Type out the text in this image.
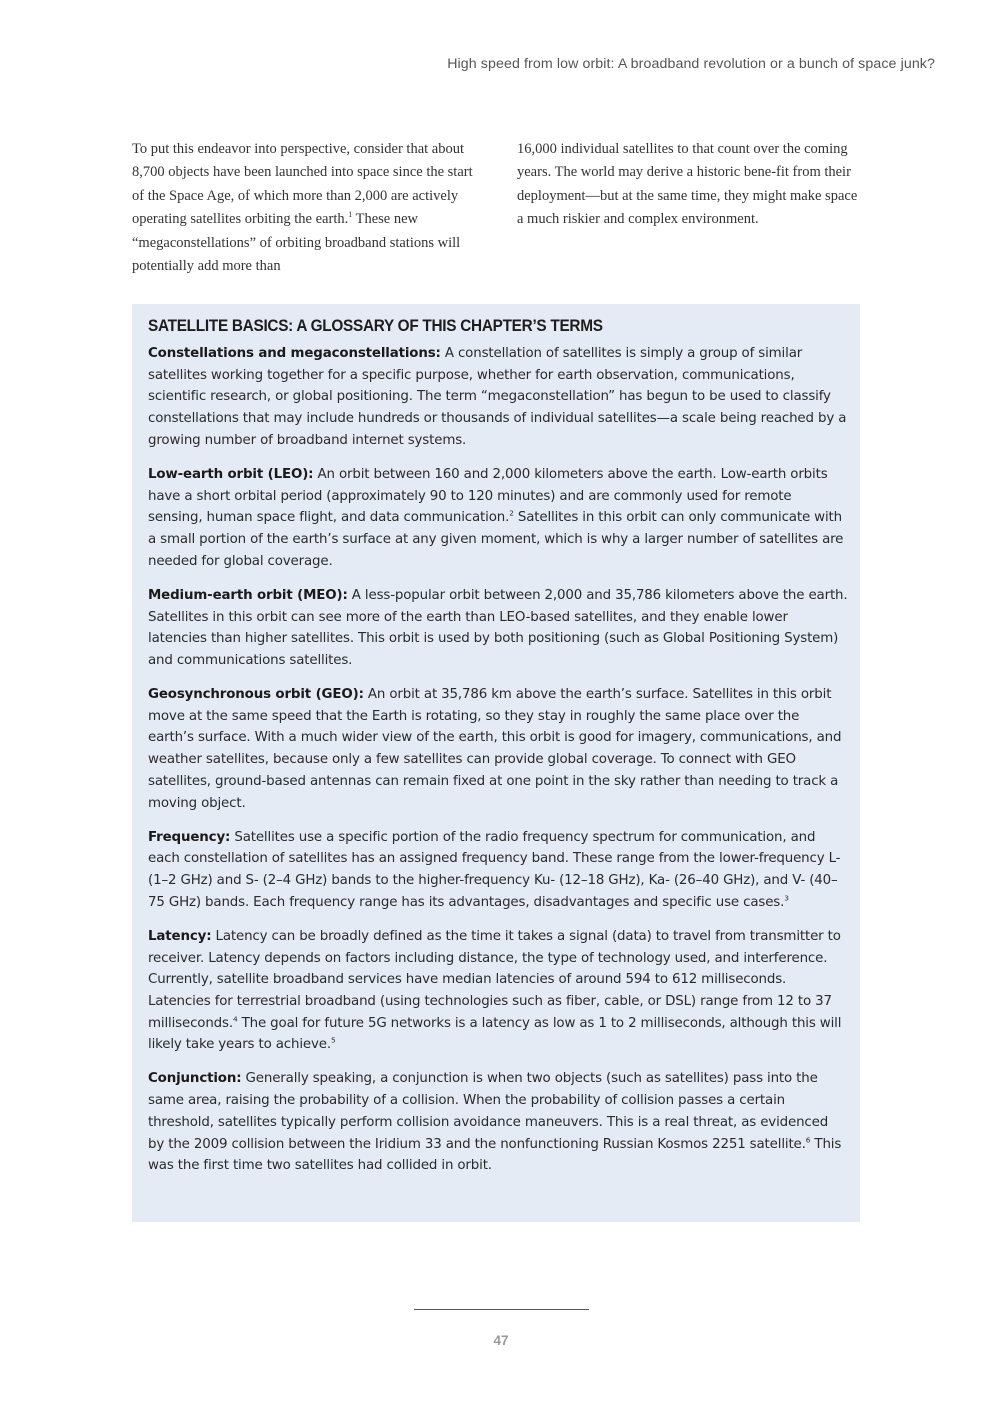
High speed from low orbit: A broadband revolution or a bunch of space junk?
To put this endeavor into perspective, consider that about 8,700 objects have been launched into space since the start of the Space Age, of which more than 2,000 are actively operating satellites orbiting the earth.$^1$ These new “megaconstellations” of orbiting broadband stations will potentially add more than
16,000 individual satellites to that count over the coming years. The world may derive a historic bene-fit from their deployment—but at the same time, they might make space a much riskier and complex environment.
SATELLITE BASICS: A GLOSSARY OF THIS CHAPTER’S TERMS

Constellations and megaconstellations: A constellation of satellites is simply a group of similar satellites working together for a specific purpose, whether for earth observation, communications, scientific research, or global positioning. The term “megaconstellation” has begun to be used to classify constellations that may include hundreds or thousands of individual satellites—a scale being reached by a growing number of broadband internet systems.

Low-earth orbit (LEO): An orbit between 160 and 2,000 kilometers above the earth. Low-earth orbits have a short orbital period (approximately 90 to 120 minutes) and are commonly used for remote sensing, human space flight, and data communication.$^2$ Satellites in this orbit can only communicate with a small portion of the earth’s surface at any given moment, which is why a larger number of satellites are needed for global coverage.

Medium-earth orbit (MEO): A less-popular orbit between 2,000 and 35,786 kilometers above the earth. Satellites in this orbit can see more of the earth than LEO-based satellites, and they enable lower latencies than higher satellites. This orbit is used by both positioning (such as Global Positioning System) and communications satellites.

Geosynchronous orbit (GEO): An orbit at 35,786 km above the earth’s surface. Satellites in this orbit move at the same speed that the Earth is rotating, so they stay in roughly the same place over the earth’s surface. With a much wider view of the earth, this orbit is good for imagery, communications, and weather satellites, because only a few satellites can provide global coverage. To connect with GEO satellites, ground-based antennas can remain fixed at one point in the sky rather than needing to track a moving object.

Frequency: Satellites use a specific portion of the radio frequency spectrum for communication, and each constellation of satellites has an assigned frequency band. These range from the lower-frequency L- (1–2 GHz) and S- (2–4 GHz) bands to the higher-frequency Ku- (12–18 GHz), Ka- (26–40 GHz), and V- (40–75 GHz) bands. Each frequency range has its advantages, disadvantages and specific use cases.$^3$

Latency: Latency can be broadly defined as the time it takes a signal (data) to travel from transmitter to receiver. Latency depends on factors including distance, the type of technology used, and interference. Currently, satellite broadband services have median latencies of around 594 to 612 milliseconds. Latencies for terrestrial broadband (using technologies such as fiber, cable, or DSL) range from 12 to 37 milliseconds.$^4$ The goal for future 5G networks is a latency as low as 1 to 2 milliseconds, although this will likely take years to achieve.$^5$

Conjunction: Generally speaking, a conjunction is when two objects (such as satellites) pass into the same area, raising the probability of a collision. When the probability of collision passes a certain threshold, satellites typically perform collision avoidance maneuvers. This is a real threat, as evidenced by the 2009 collision between the Iridium 33 and the nonfunctioning Russian Kosmos 2251 satellite.$^6$ This was the first time two satellites had collided in orbit.

47
